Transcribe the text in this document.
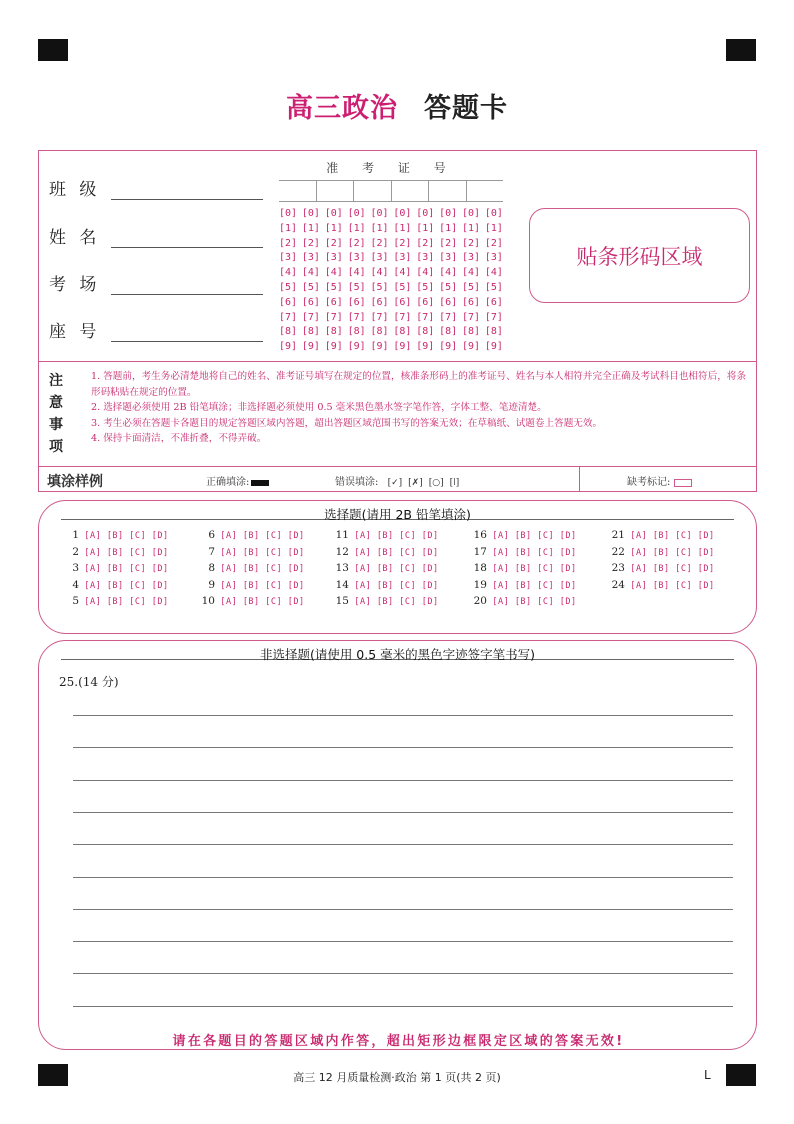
高三政治 答题卡
班 级
姓 名
考 场
座 号
准 考 证 号
[0] [0] [0] [0] [0] [0] [0] [0] [0] [0]
[1] [1] [1] [1] [1] [1] [1] [1] [1] [1]
[2] [2] [2] [2] [2] [2] [2] [2] [2] [2]
[3] [3] [3] [3] [3] [3] [3] [3] [3] [3]
[4] [4] [4] [4] [4] [4] [4] [4] [4] [4]
[5] [5] [5] [5] [5] [5] [5] [5] [5] [5]
[6] [6] [6] [6] [6] [6] [6] [6] [6] [6]
[7] [7] [7] [7] [7] [7] [7] [7] [7] [7]
[8] [8] [8] [8] [8] [8] [8] [8] [8] [8]
[9] [9] [9] [9] [9] [9] [9] [9] [9] [9]
贴条形码区域
注意事项
1. 答题前，考生务必清楚地将自己的姓名、准考证号填写在规定的位置，核准条形码上的准考证号、姓名与本人相符并完全正确及考试科目也相符后，将条形码粘贴在规定的位置。
2. 选择题必须使用 2B 铅笔填涂；非选择题必须使用 0.5 毫米黑色墨水签字笔作答，字体工整、笔迹清楚。
3. 考生必须在答题卡各题目的规定答题区域内答题，超出答题区域范围书写的答案无效；在草稿纸、试题卷上答题无效。
4. 保持卡面清洁，不准折叠，不得弄破。
填涂样例	正确填涂:	错误填涂: [✓] [✗] [○] [ǀ]	缺考标记:
选择题(请用 2B 铅笔填涂)
1 [A] [B] [C] [D]
2 [A] [B] [C] [D]
3 [A] [B] [C] [D]
4 [A] [B] [C] [D]
5 [A] [B] [C] [D]
6 [A] [B] [C] [D]
7 [A] [B] [C] [D]
8 [A] [B] [C] [D]
9 [A] [B] [C] [D]
10 [A] [B] [C] [D]
11 [A] [B] [C] [D]
12 [A] [B] [C] [D]
13 [A] [B] [C] [D]
14 [A] [B] [C] [D]
15 [A] [B] [C] [D]
16 [A] [B] [C] [D]
17 [A] [B] [C] [D]
18 [A] [B] [C] [D]
19 [A] [B] [C] [D]
20 [A] [B] [C] [D]
21 [A] [B] [C] [D]
22 [A] [B] [C] [D]
23 [A] [B] [C] [D]
24 [A] [B] [C] [D]
非选择题(请使用 0.5 毫米的黑色字迹签字笔书写)
25.(14 分)
请在各题目的答题区域内作答，超出矩形边框限定区域的答案无效!
高三 12 月质量检测·政治 第 1 页(共 2 页)	L
